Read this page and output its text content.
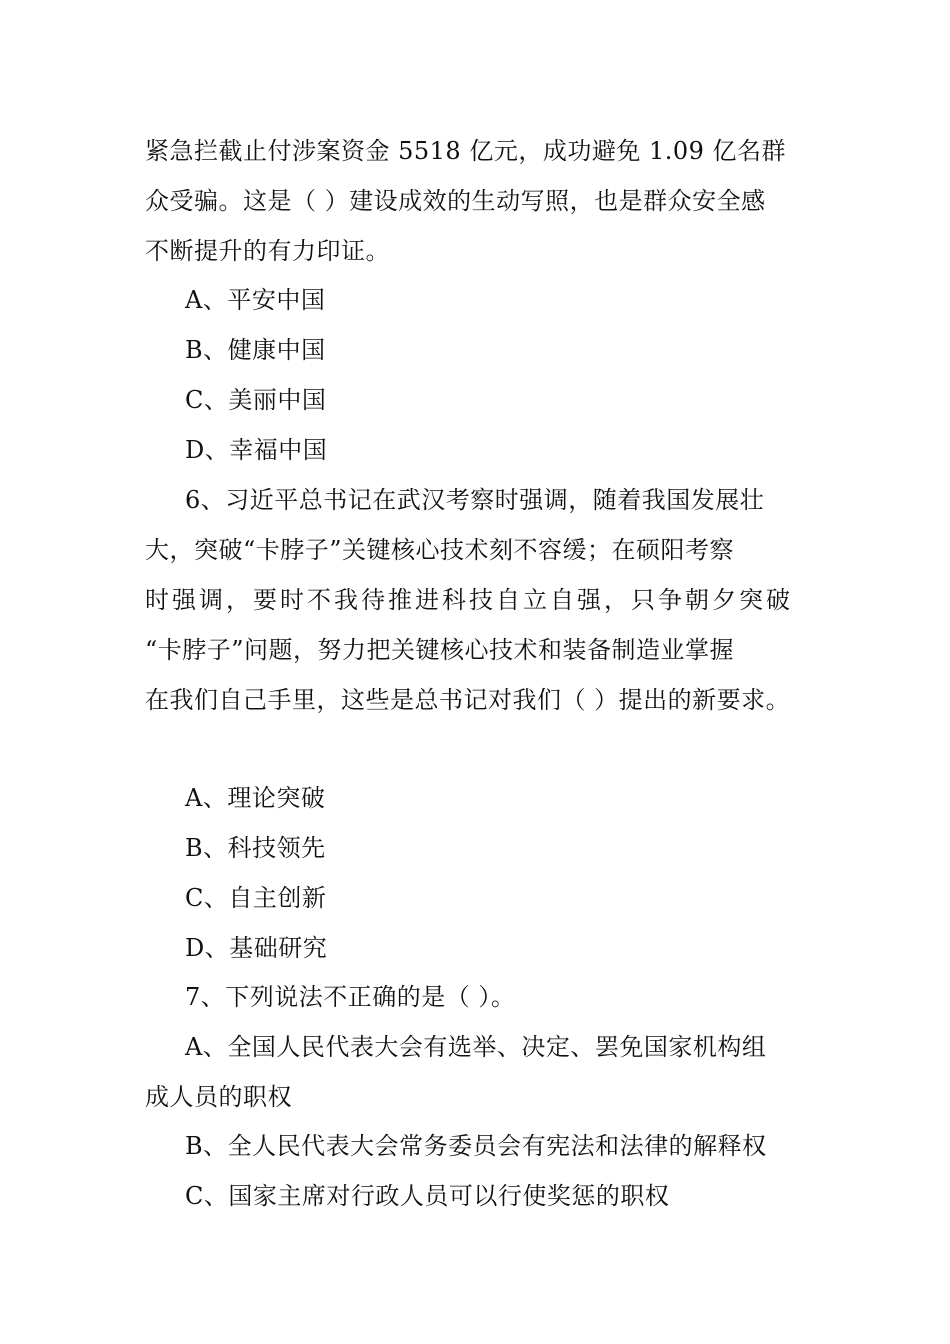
紧急拦截止付涉案资金 5518 亿元，成功避免 1.09 亿名群
众受骗。这是（ ）建设成效的生动写照，也是群众安全感
不断提升的有力印证。
A、平安中国
B、健康中国
C、美丽中国
D、幸福中国
6、习近平总书记在武汉考察时强调，随着我国发展壮
大，突破“卡脖子”关键核心技术刻不容缓；在硕阳考察
时强调，要时不我待推进科技自立自强，只争朝夕突破
“卡脖子”问题，努力把关键核心技术和装备制造业掌握
在我们自己手里，这些是总书记对我们（ ）提出的新要求。
A、理论突破
B、科技领先
C、自主创新
D、基础研究
7、下列说法不正确的是（ ）。
A、全国人民代表大会有选举、决定、罢免国家机构组
成人员的职权
B、全人民代表大会常务委员会有宪法和法律的解释权
C、国家主席对行政人员可以行使奖惩的职权
